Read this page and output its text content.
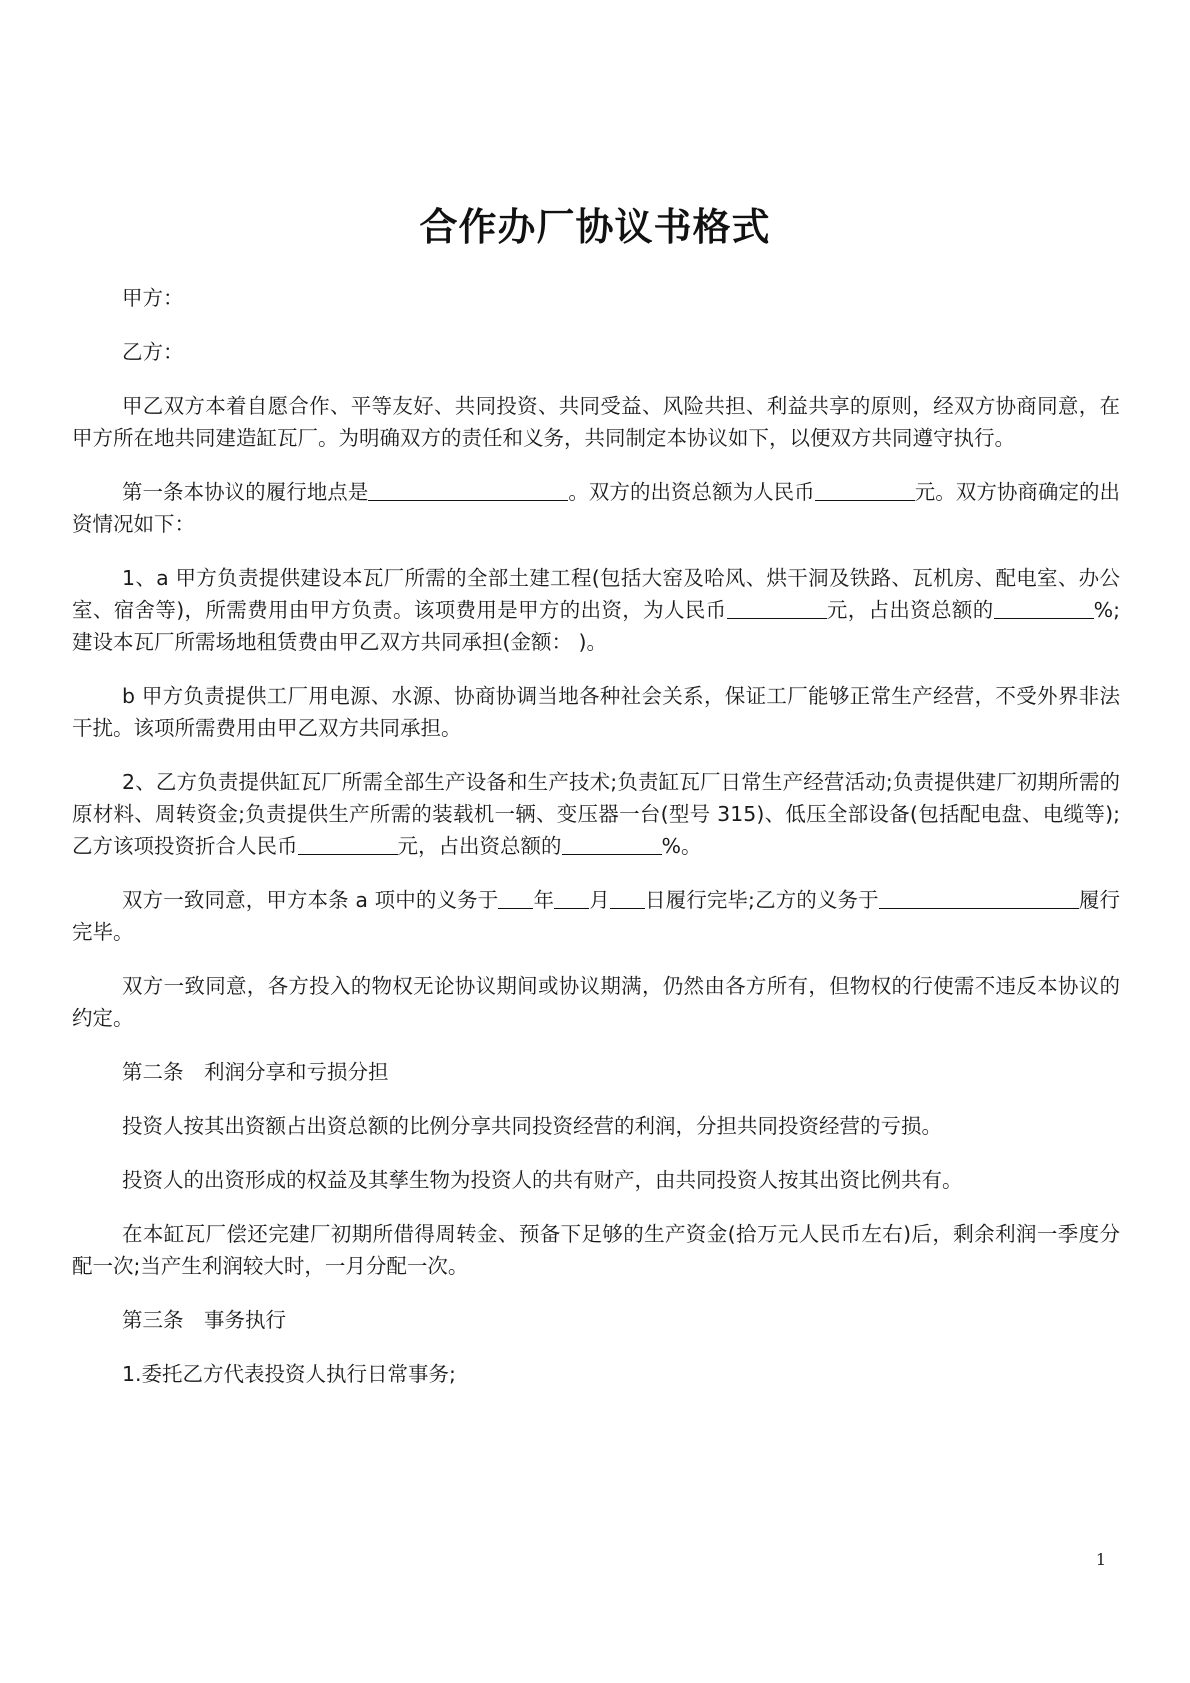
合作办厂协议书格式

甲方：

乙方：

甲乙双方本着自愿合作、平等友好、共同投资、共同受益、风险共担、利益共享的原则，经双方协商同意，在甲方所在地共同建造缸瓦厂。为明确双方的责任和义务，共同制定本协议如下，以便双方共同遵守执行。

第一条本协议的履行地点是	。双方的出资总额为人民币	元。双方协商确定的出资情况如下：

1、a 甲方负责提供建设本瓦厂所需的全部土建工程(包括大窑及哈风、烘干洞及铁路、瓦机房、配电室、办公室、宿舍等)，所需费用由甲方负责。该项费用是甲方的出资，为人民币	元，占出资总额的	%;建设本瓦厂所需场地租赁费由甲乙双方共同承担(金额： )。

b 甲方负责提供工厂用电源、水源、协商协调当地各种社会关系，保证工厂能够正常生产经营，不受外界非法干扰。该项所需费用由甲乙双方共同承担。

2、乙方负责提供缸瓦厂所需全部生产设备和生产技术;负责缸瓦厂日常生产经营活动;负责提供建厂初期所需的原材料、周转资金;负责提供生产所需的装载机一辆、变压器一台(型号 315)、低压全部设备(包括配电盘、电缆等);乙方该项投资折合人民币	元，占出资总额的	%。

双方一致同意，甲方本条 a 项中的义务于 年 月 日履行完毕;乙方的义务于	履行完毕。

双方一致同意，各方投入的物权无论协议期间或协议期满，仍然由各方所有，但物权的行使需不违反本协议的约定。

第二条　利润分享和亏损分担

投资人按其出资额占出资总额的比例分享共同投资经营的利润，分担共同投资经营的亏损。

投资人的出资形成的权益及其孳生物为投资人的共有财产，由共同投资人按其出资比例共有。

在本缸瓦厂偿还完建厂初期所借得周转金、预备下足够的生产资金(拾万元人民币左右)后，剩余利润一季度分配一次;当产生利润较大时，一月分配一次。

第三条　事务执行

1.委托乙方代表投资人执行日常事务;

1
